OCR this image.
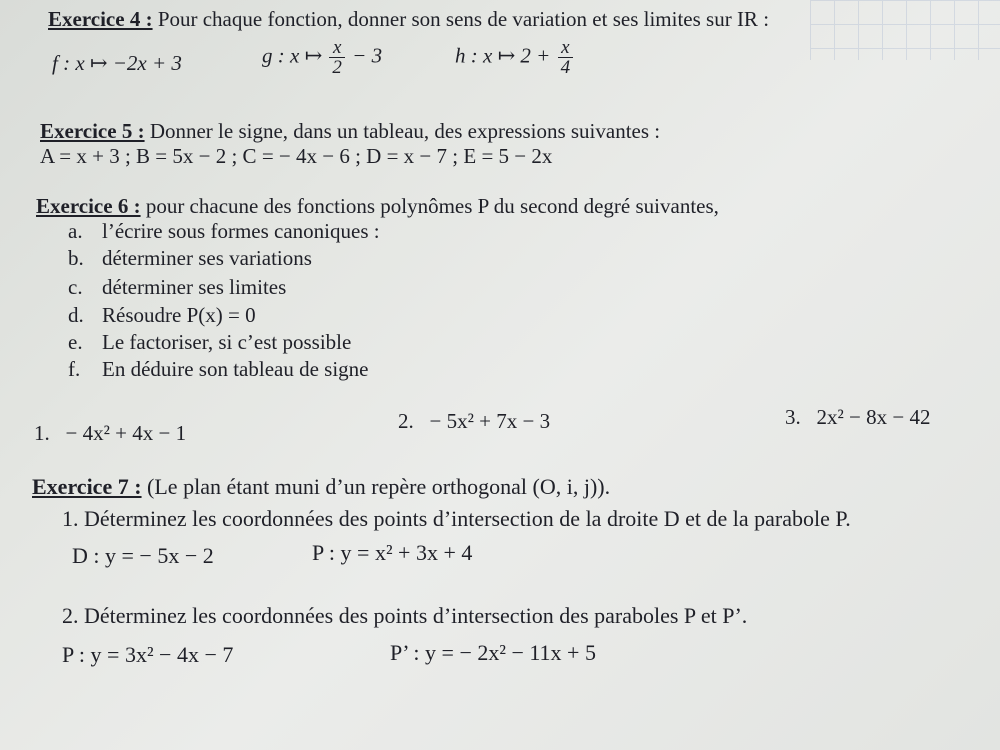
Exercice 4 : Pour chaque fonction, donner son sens de variation et ses limites sur IR :
f : x ↦ −2x + 3	g : x ↦ $\frac{x}{2} - 3$	h : x ↦ $2 + \frac{x}{4}$
Exercice 5 : Donner le signe, dans un tableau, des expressions suivantes :
A = x + 3 ; B = 5x − 2 ; C = − 4x − 6 ; D = x − 7 ; E = 5 − 2x
Exercice 6 : pour chacune des fonctions polynômes P du second degré suivantes,
a. l’écrire sous formes canoniques :
b. déterminer ses variations
c. déterminer ses limites
d. Résoudre P(x) = 0
e. Le factoriser, si c’est possible
f. En déduire son tableau de signe
1. − 4x² + 4x − 1	2. − 5x² + 7x − 3	3. 2x² − 8x − 42
Exercice 7 : (Le plan étant muni d’un repère orthogonal (O, i, j)).
1. Déterminez les coordonnées des points d’intersection de la droite D et de la parabole P.
D : y = − 5x − 2	P : y = x² + 3x + 4
2. Déterminez les coordonnées des points d’intersection des paraboles P et P’.
P : y = 3x² − 4x − 7	P’ : y = − 2x² − 11x + 5
